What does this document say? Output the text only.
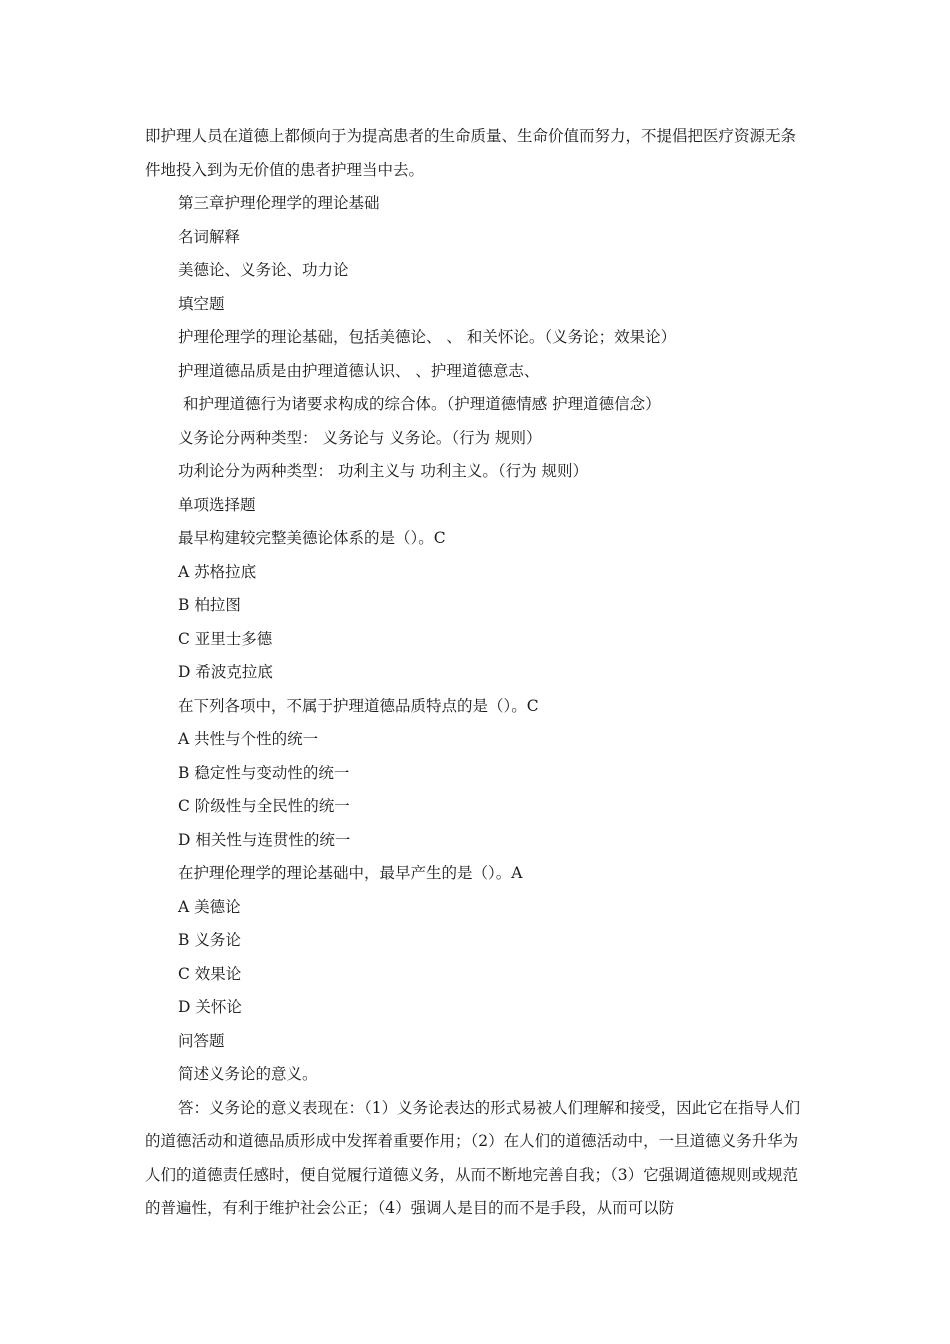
即护理人员在道德上都倾向于为提高患者的生命质量、生命价值而努力，不提倡把医疗资源无条件地投入到为无价值的患者护理当中去。

第三章护理伦理学的理论基础

名词解释

美德论、义务论、功力论

填空题

护理伦理学的理论基础，包括美德论、 、 和关怀论。（义务论；效果论）

护理道德品质是由护理道德认识、 、护理道德意志、

和护理道德行为诸要求构成的综合体。（护理道德情感 护理道德信念）

义务论分两种类型： 义务论与 义务论。（行为 规则）

功利论分为两种类型： 功利主义与 功利主义。（行为 规则）

单项选择题

最早构建较完整美德论体系的是（）。C

A 苏格拉底

B 柏拉图

C 亚里士多德

D 希波克拉底

在下列各项中，不属于护理道德品质特点的是（）。C

A 共性与个性的统一

B 稳定性与变动性的统一

C 阶级性与全民性的统一

D 相关性与连贯性的统一

在护理伦理学的理论基础中，最早产生的是（）。A

A 美德论

B 义务论

C 效果论

D 关怀论

问答题

简述义务论的意义。

答：义务论的意义表现在：（1）义务论表达的形式易被人们理解和接受，因此它在指导人们的道德活动和道德品质形成中发挥着重要作用；（2）在人们的道德活动中，一旦道德义务升华为人们的道德责任感时，便自觉履行道德义务，从而不断地完善自我；（3）它强调道德规则或规范的普遍性，有利于维护社会公正；（4）强调人是目的而不是手段，从而可以防
